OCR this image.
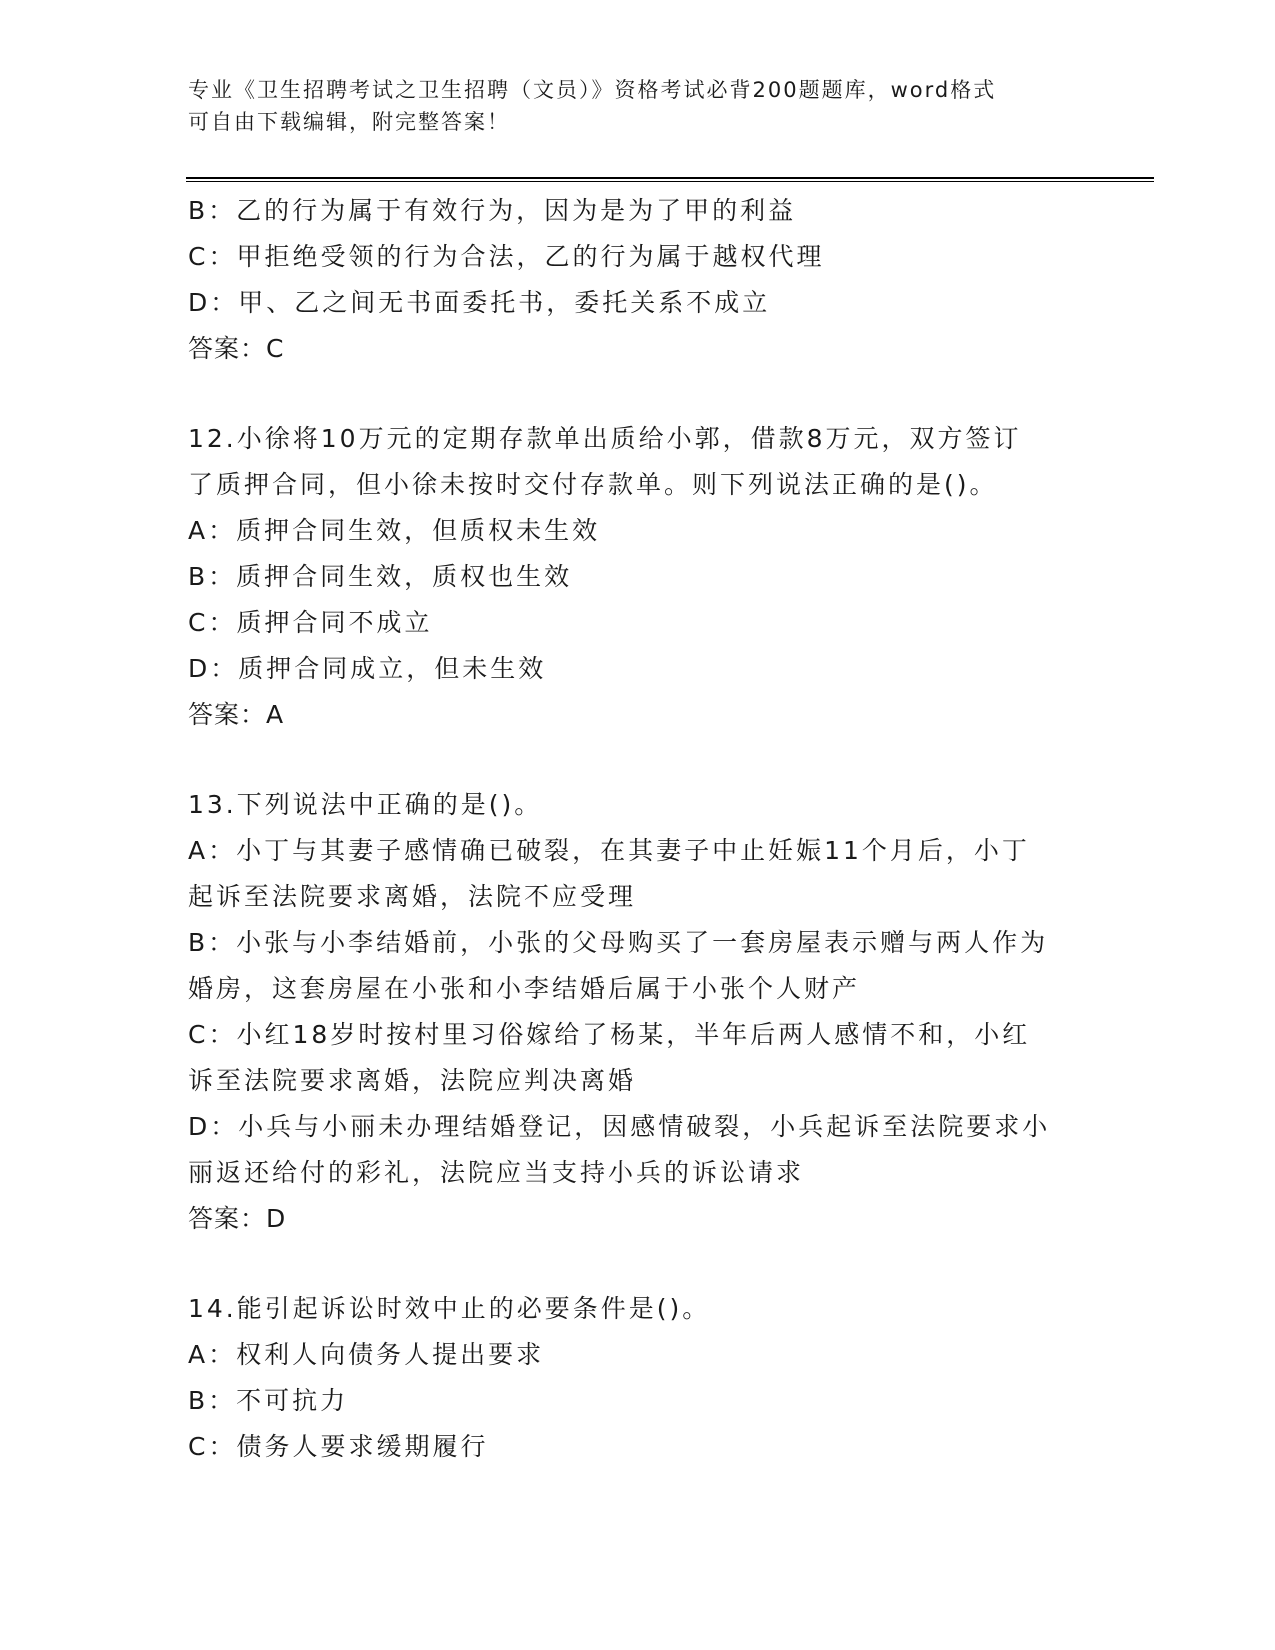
专业《卫生招聘考试之卫生招聘（文员）》资格考试必背200题题库，word格式
可自由下载编辑，附完整答案！
B：乙的行为属于有效行为，因为是为了甲的利益
C：甲拒绝受领的行为合法，乙的行为属于越权代理
D：甲、乙之间无书面委托书，委托关系不成立
答案：C
12.小徐将10万元的定期存款单出质给小郭，借款8万元，双方签订
了质押合同，但小徐未按时交付存款单。则下列说法正确的是()。
A：质押合同生效，但质权未生效
B：质押合同生效，质权也生效
C：质押合同不成立
D：质押合同成立，但未生效
答案：A
13.下列说法中正确的是()。
A：小丁与其妻子感情确已破裂，在其妻子中止妊娠11个月后，小丁
起诉至法院要求离婚，法院不应受理
B：小张与小李结婚前，小张的父母购买了一套房屋表示赠与两人作为
婚房，这套房屋在小张和小李结婚后属于小张个人财产
C：小红18岁时按村里习俗嫁给了杨某，半年后两人感情不和，小红
诉至法院要求离婚，法院应判决离婚
D：小兵与小丽未办理结婚登记，因感情破裂，小兵起诉至法院要求小
丽返还给付的彩礼，法院应当支持小兵的诉讼请求
答案：D
14.能引起诉讼时效中止的必要条件是()。
A：权利人向债务人提出要求
B：不可抗力
C：债务人要求缓期履行
